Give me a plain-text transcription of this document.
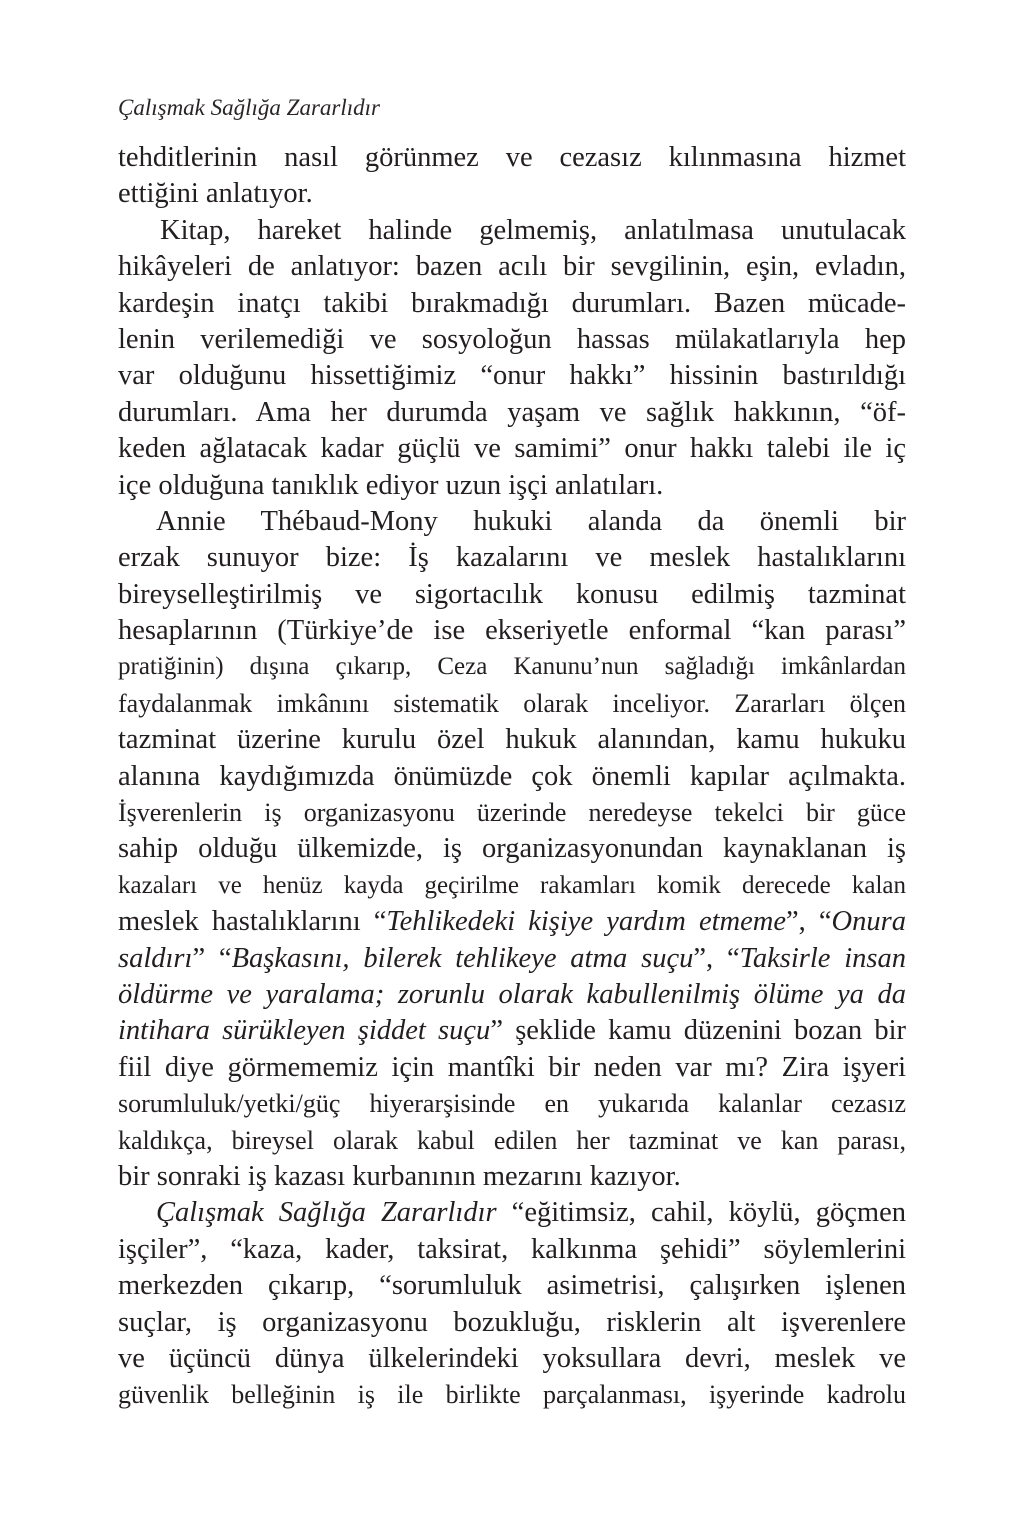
Çalışmak Sağlığa Zararlıdır
tehditlerinin nasıl görünmez ve cezasız kılınmasına hizmet
ettiğini anlatıyor.
Kitap, hareket halinde gelmemiş, anlatılmasa unutulacak
hikâyeleri de anlatıyor: bazen acılı bir sevgilinin, eşin, evladın,
kardeşin inatçı takibi bırakmadığı durumları. Bazen mücade-
lenin verilemediği ve sosyoloğun hassas mülakatlarıyla hep
var olduğunu hissettiğimiz “onur hakkı” hissinin bastırıldığı
durumları. Ama her durumda yaşam ve sağlık hakkının, “öf-
keden ağlatacak kadar güçlü ve samimi” onur hakkı talebi ile iç
içe olduğuna tanıklık ediyor uzun işçi anlatıları.
Annie Thébaud-Mony hukuki alanda da önemli bir
erzak sunuyor bize: İş kazalarını ve meslek hastalıklarını
bireyselleştirilmiş ve sigortacılık konusu edilmiş tazminat
hesaplarının (Türkiye’de ise ekseriyetle enformal “kan parası”
pratiğinin) dışına çıkarıp, Ceza Kanunu’nun sağladığı imkânlardan
faydalanmak imkânını sistematik olarak inceliyor. Zararları ölçen
tazminat üzerine kurulu özel hukuk alanından, kamu hukuku
alanına kaydığımızda önümüzde çok önemli kapılar açılmakta.
İşverenlerin iş organizasyonu üzerinde neredeyse tekelci bir güce
sahip olduğu ülkemizde, iş organizasyonundan kaynaklanan iş
kazaları ve henüz kayda geçirilme rakamları komik derecede kalan
meslek hastalıklarını “Tehlikedeki kişiye yardım etmeme”, “Onura
saldırı” “Başkasını, bilerek tehlikeye atma suçu”, “Taksirle insan
öldürme ve yaralama; zorunlu olarak kabullenilmiş ölüme ya da
intihara sürükleyen şiddet suçu” şeklide kamu düzenini bozan bir
fiil diye görmememiz için mantîki bir neden var mı? Zira işyeri
sorumluluk/yetki/güç hiyerarşisinde en yukarıda kalanlar cezasız
kaldıkça, bireysel olarak kabul edilen her tazminat ve kan parası,
bir sonraki iş kazası kurbanının mezarını kazıyor.
Çalışmak Sağlığa Zararlıdır “eğitimsiz, cahil, köylü, göçmen
işçiler”, “kaza, kader, taksirat, kalkınma şehidi” söylemlerini
merkezden çıkarıp, “sorumluluk asimetrisi, çalışırken işlenen
suçlar, iş organizasyonu bozukluğu, risklerin alt işverenlere
ve üçüncü dünya ülkelerindeki yoksullara devri, meslek ve
güvenlik belleğinin iş ile birlikte parçalanması, işyerinde kadrolu
